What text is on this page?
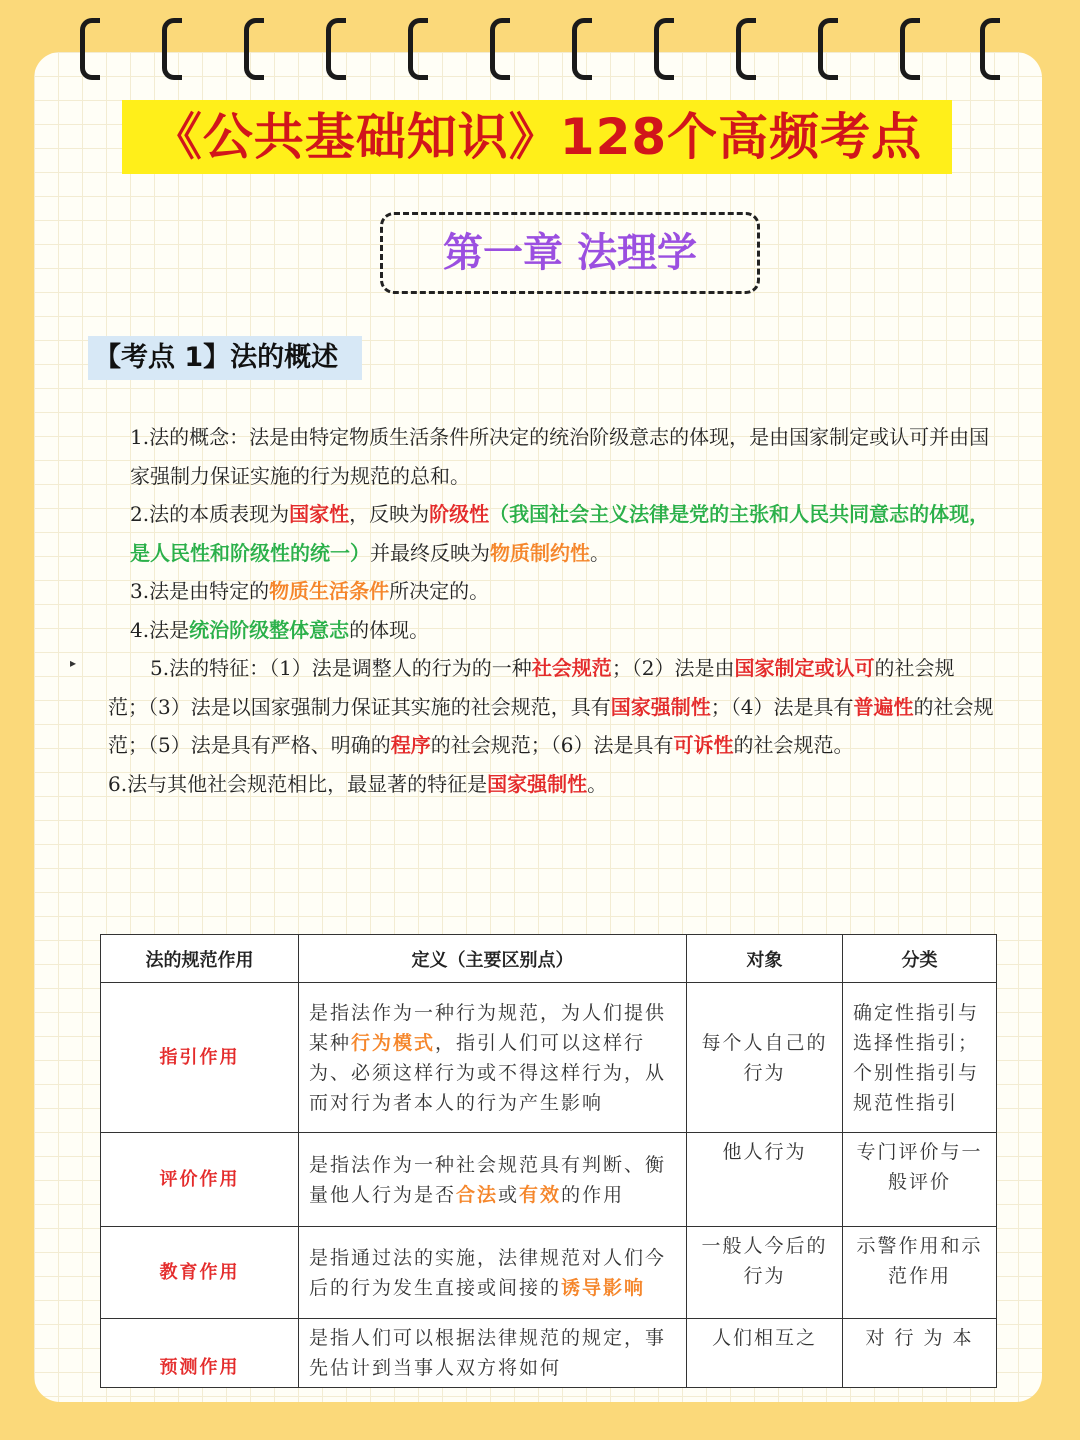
《公共基础知识》128个高频考点
第一章 法理学
【考点 1】法的概述
▸
1.法的概念：法是由特定物质生活条件所决定的统治阶级意志的体现，是由国家制定或认可并由国家强制力保证实施的行为规范的总和。
2.法的本质表现为国家性，反映为阶级性（我国社会主义法律是党的主张和人民共同意志的体现，是人民性和阶级性的统一）并最终反映为物质制约性。
3.法是由特定的物质生活条件所决定的。
4.法是统治阶级整体意志的体现。
5.法的特征：（1）法是调整人的行为的一种社会规范；（2）法是由国家制定或认可的社会规范；（3）法是以国家强制力保证其实施的社会规范，具有国家强制性；（4）法是具有普遍性的社会规范；（5）法是具有严格、明确的程序的社会规范；（6）法是具有可诉性的社会规范。
6.法与其他社会规范相比，最显著的特征是国家强制性。
法的规范作用	定义（主要区别点）	对象	分类
指引作用	是指法作为一种行为规范，为人们提供某种行为模式，指引人们可以这样行为、必须这样行为或不得这样行为，从而对行为者本人的行为产生影响	每个人自己的行为	确定性指引与选择性指引；个别性指引与规范性指引
评价作用	是指法作为一种社会规范具有判断、衡量他人行为是否合法或有效的作用	他人行为	专门评价与一般评价
教育作用	是指通过法的实施，法律规范对人们今后的行为发生直接或间接的诱导影响	一般人今后的行为	示警作用和示范作用
预测作用	是指人们可以根据法律规范的规定，事先估计到当事人双方将如何	人们相互之	对 行 为 本
